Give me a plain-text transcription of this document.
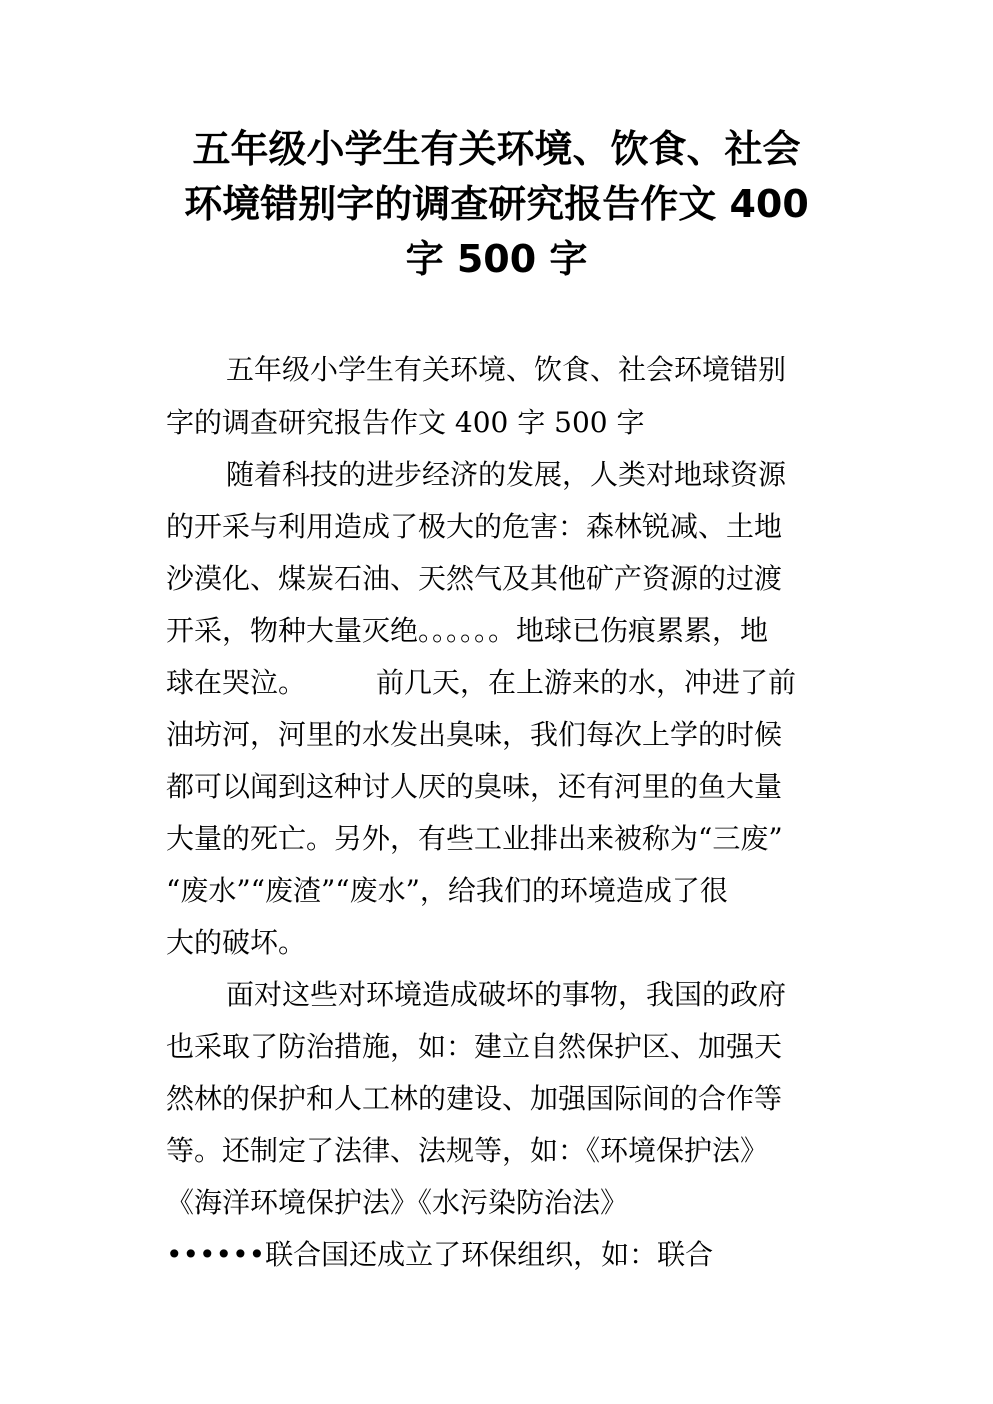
五年级小学生有关环境、饮食、社会
环境错别字的调查研究报告作文 400
字 500 字
五年级小学生有关环境、饮食、社会环境错别
字的调查研究报告作文 400 字 500 字
随着科技的进步经济的发展，人类对地球资源
的开采与利用造成了极大的危害：森林锐减、土地
沙漠化、煤炭石油、天然气及其他矿产资源的过渡
开采，物种大量灭绝。。。。。。地球已伤痕累累，地
球在哭泣。　　　前几天，在上游来的水，冲进了前
油坊河，河里的水发出臭味，我们每次上学的时候
都可以闻到这种讨人厌的臭味，还有河里的鱼大量
大量的死亡。另外，有些工业排出来被称为“三废”
“废水”“废渣”“废水”，给我们的环境造成了很
大的破坏。
面对这些对环境造成破坏的事物，我国的政府
也采取了防治措施，如：建立自然保护区、加强天
然林的保护和人工林的建设、加强国际间的合作等
等。还制定了法律、法规等，如：《环境保护法》
《海洋环境保护法》《水污染防治法》
••••••联合国还成立了环保组织，如：联合
